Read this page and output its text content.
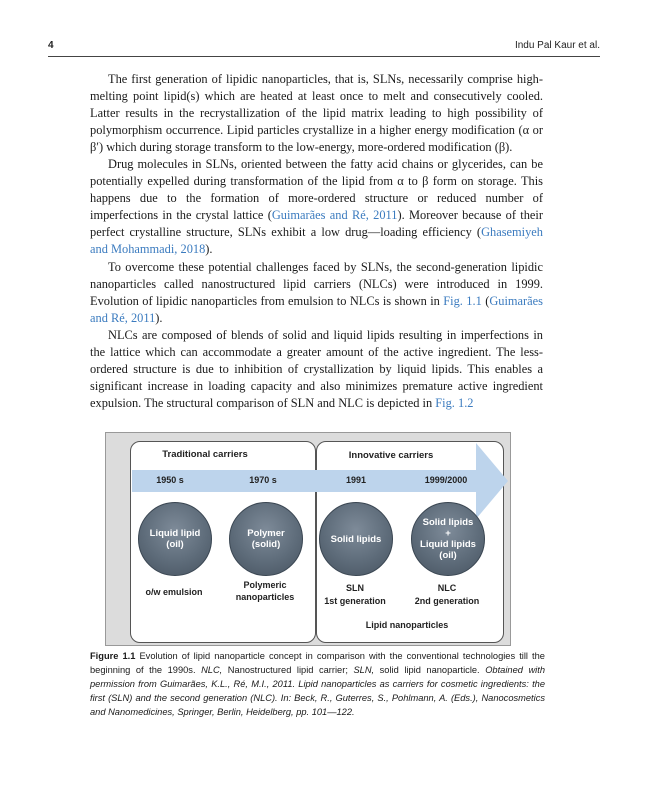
4	Indu Pal Kaur et al.

The first generation of lipidic nanoparticles, that is, SLNs, necessarily comprise high-melting point lipid(s) which are heated at least once to melt and consecutively cooled. Latter results in the recrystallization of the lipid matrix leading to high possibility of polymorphism occurrence. Lipid particles crystallize in a higher energy modification (α or β′) which during storage transform to the low-energy, more-ordered modification (β).

Drug molecules in SLNs, oriented between the fatty acid chains or glycerides, can be potentially expelled during transformation of the lipid from α to β form on storage. This happens due to the formation of more-ordered structure or reduced number of imperfections in the crystal lattice (Guimarães and Ré, 2011). Moreover because of their perfect crystalline structure, SLNs exhibit a low drug—loading efficiency (Ghasemiyeh and Mohammadi, 2018).

To overcome these potential challenges faced by SLNs, the second-generation lipidic nanoparticles called nanostructured lipid carriers (NLCs) were introduced in 1999. Evolution of lipidic nanoparticles from emulsion to NLCs is shown in Fig. 1.1 (Guimarães and Ré, 2011).

NLCs are composed of blends of solid and liquid lipids resulting in imperfections in the lattice which can accommodate a greater amount of the active ingredient. The less-ordered structure is due to inhibition of crystallization by liquid lipids. This enables a significant increase in loading capacity and also minimizes premature active ingredient expulsion. The structural comparison of SLN and NLC is depicted in Fig. 1.2

Traditional carriers	Innovative carriers
1950 s	1970 s	1991	1999/2000
Liquid lipid
(oil)
Polymer
(solid)	Solid lipids
Solid lipids
+
Liquid lipids
(oil)
o/w emulsion
Polymeric
nanoparticles
SLN
1st generation
NLC
2nd generation
Lipid nanoparticles
Figure 1.1 Evolution of lipid nanoparticle concept in comparison with the conventional technologies till the beginning of the 1990s. NLC, Nanostructured lipid carrier; SLN, solid lipid nanoparticle. Obtained with permission from Guimarães, K.L., Ré, M.I., 2011. Lipid nanoparticles as carriers for cosmetic ingredients: the first (SLN) and the second generation (NLC). In: Beck, R., Guterres, S., Pohlmann, A. (Eds.), Nanocosmetics and Nanomedicines, Springer, Berlin, Heidelberg, pp. 101—122.
